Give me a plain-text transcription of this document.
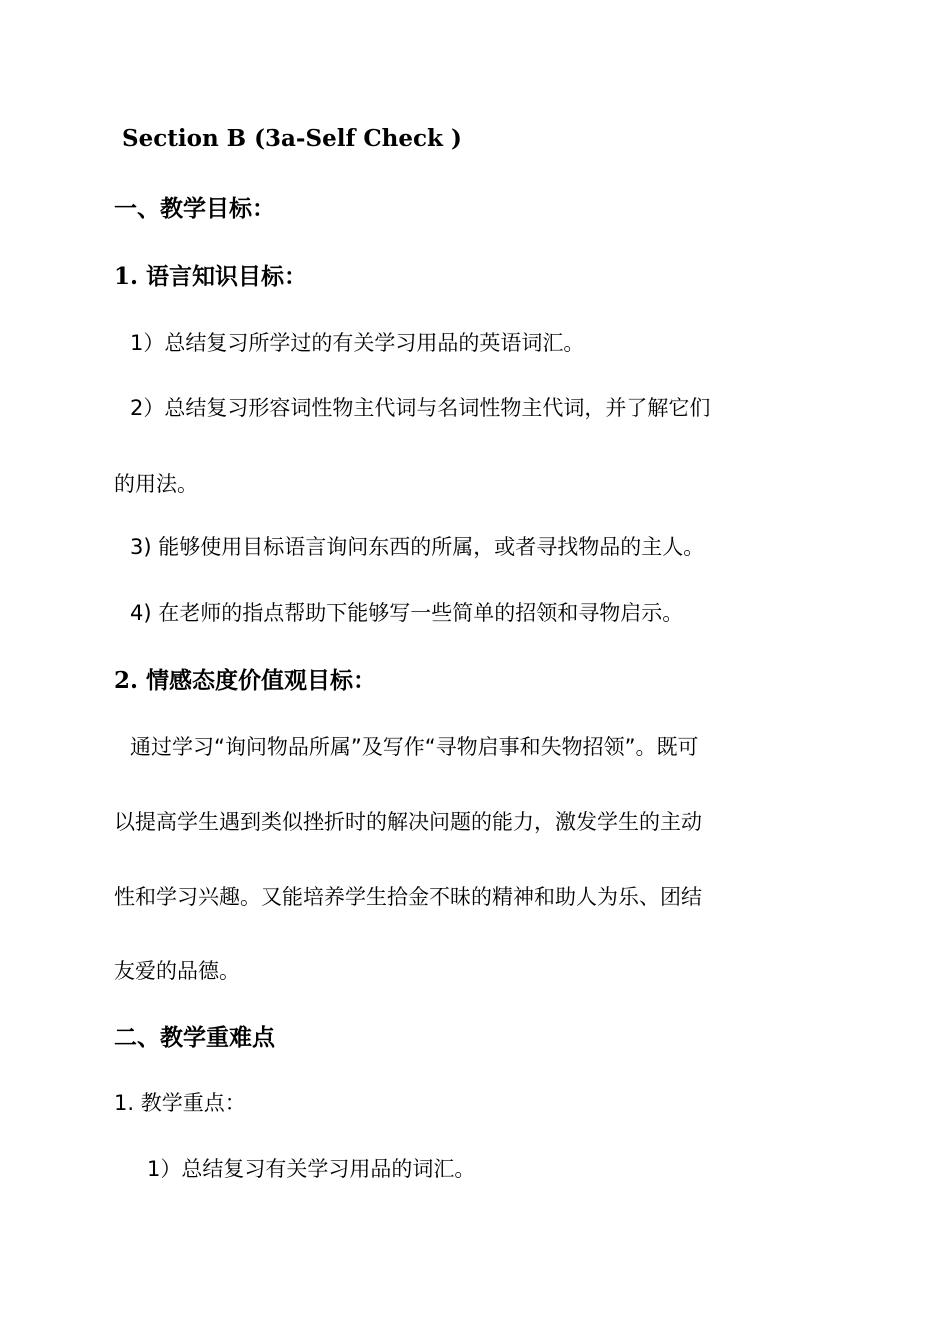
Section B (3a-Self Check )
一、教学目标：
1. 语言知识目标：
1）总结复习所学过的有关学习用品的英语词汇。
2）总结复习形容词性物主代词与名词性物主代词，并了解它们
的用法。
3) 能够使用目标语言询问东西的所属，或者寻找物品的主人。
4) 在老师的指点帮助下能够写一些简单的招领和寻物启示。
2. 情感态度价值观目标：
通过学习“询问物品所属”及写作“寻物启事和失物招领”。既可
以提高学生遇到类似挫折时的解决问题的能力，激发学生的主动
性和学习兴趣。又能培养学生拾金不昧的精神和助人为乐、团结
友爱的品德。
二、教学重难点
1. 教学重点：
1）总结复习有关学习用品的词汇。
